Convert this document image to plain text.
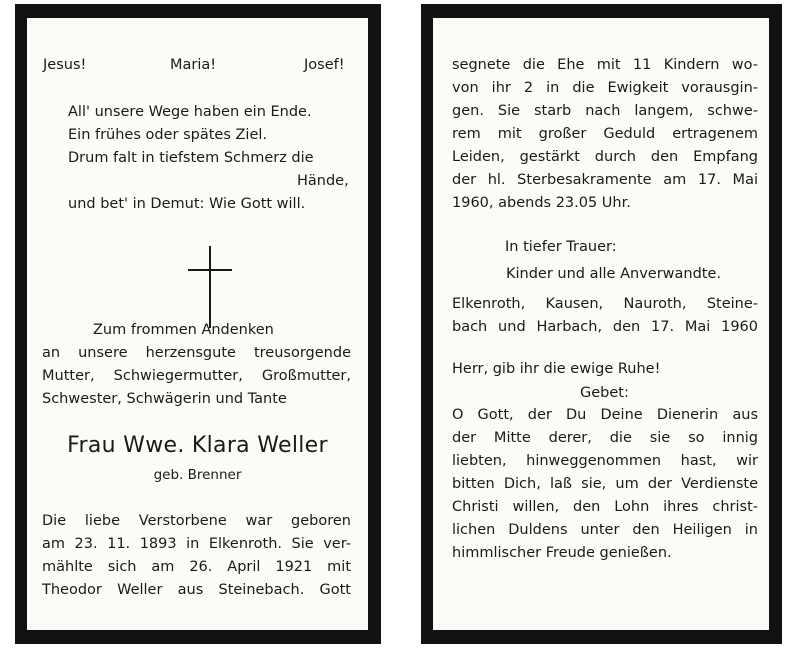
Jesus!	Maria!	Josef!
All' unsere Wege haben ein Ende.
Ein frühes oder spätes Ziel.
Drum falt in tiefstem Schmerz die
Hände,
und bet' in Demut: Wie Gott will.
Zum frommen Andenken
an unsere herzensgute treusorgende
Mutter, Schwiegermutter, Großmutter,
Schwester, Schwägerin und Tante
Frau Wwe. Klara Weller
geb. Brenner
Die liebe Verstorbene war geboren
am 23. 11. 1893 in Elkenroth. Sie ver-
mählte sich am 26. April 1921 mit
Theodor Weller aus Steinebach. Gott
segnete die Ehe mit 11 Kindern wo-
von ihr 2 in die Ewigkeit vorausgin-
gen. Sie starb nach langem, schwe-
rem mit großer Geduld ertragenem
Leiden, gestärkt durch den Empfang
der hl. Sterbesakramente am 17. Mai
1960, abends 23.05 Uhr.
In tiefer Trauer:
Kinder und alle Anverwandte.
Elkenroth, Kausen, Nauroth, Steine-
bach und Harbach, den 17. Mai 1960
Herr, gib ihr die ewige Ruhe!
Gebet:
O Gott, der Du Deine Dienerin aus
der Mitte derer, die sie so innig
liebten, hinweggenommen hast, wir
bitten Dich, laß sie, um der Verdienste
Christi willen, den Lohn ihres christ-
lichen Duldens unter den Heiligen in
himmlischer Freude genießen.
